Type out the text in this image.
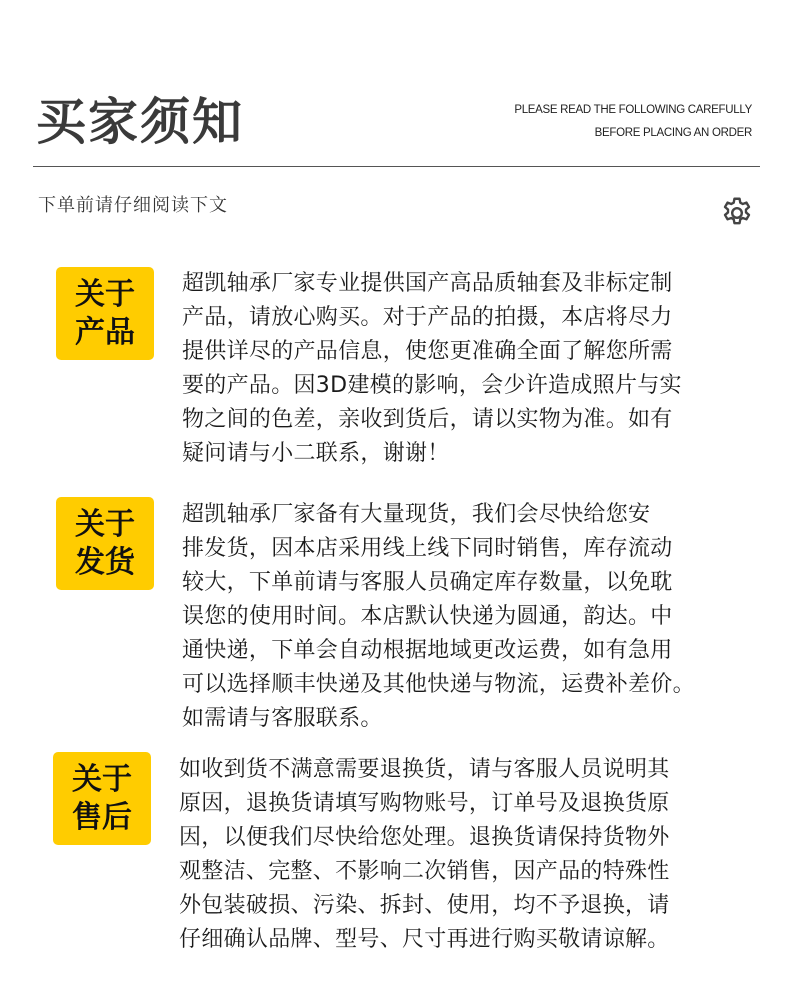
买家须知	PLEASE READ THE FOLLOWING CAREFULLY
BEFORE PLACING AN ORDER
下单前请仔细阅读下文
关于
产品
超凯轴承厂家专业提供国产高品质轴套及非标定制
产品，请放心购买。对于产品的拍摄，本店将尽力
提供详尽的产品信息，使您更准确全面了解您所需
要的产品。因3D建模的影响，会少许造成照片与实
物之间的色差，亲收到货后，请以实物为准。如有
疑问请与小二联系，谢谢！
关于
发货
超凯轴承厂家备有大量现货，我们会尽快给您安
排发货，因本店采用线上线下同时销售，库存流动
较大，下单前请与客服人员确定库存数量，以免耽
误您的使用时间。本店默认快递为圆通，韵达。中
通快递，下单会自动根据地域更改运费，如有急用
可以选择顺丰快递及其他快递与物流，运费补差价。
如需请与客服联系。
关于
售后
如收到货不满意需要退换货，请与客服人员说明其
原因，退换货请填写购物账号，订单号及退换货原
因，以便我们尽快给您处理。退换货请保持货物外
观整洁、完整、不影响二次销售，因产品的特殊性
外包装破损、污染、拆封、使用，均不予退换，请
仔细确认品牌、型号、尺寸再进行购买敬请谅解。
